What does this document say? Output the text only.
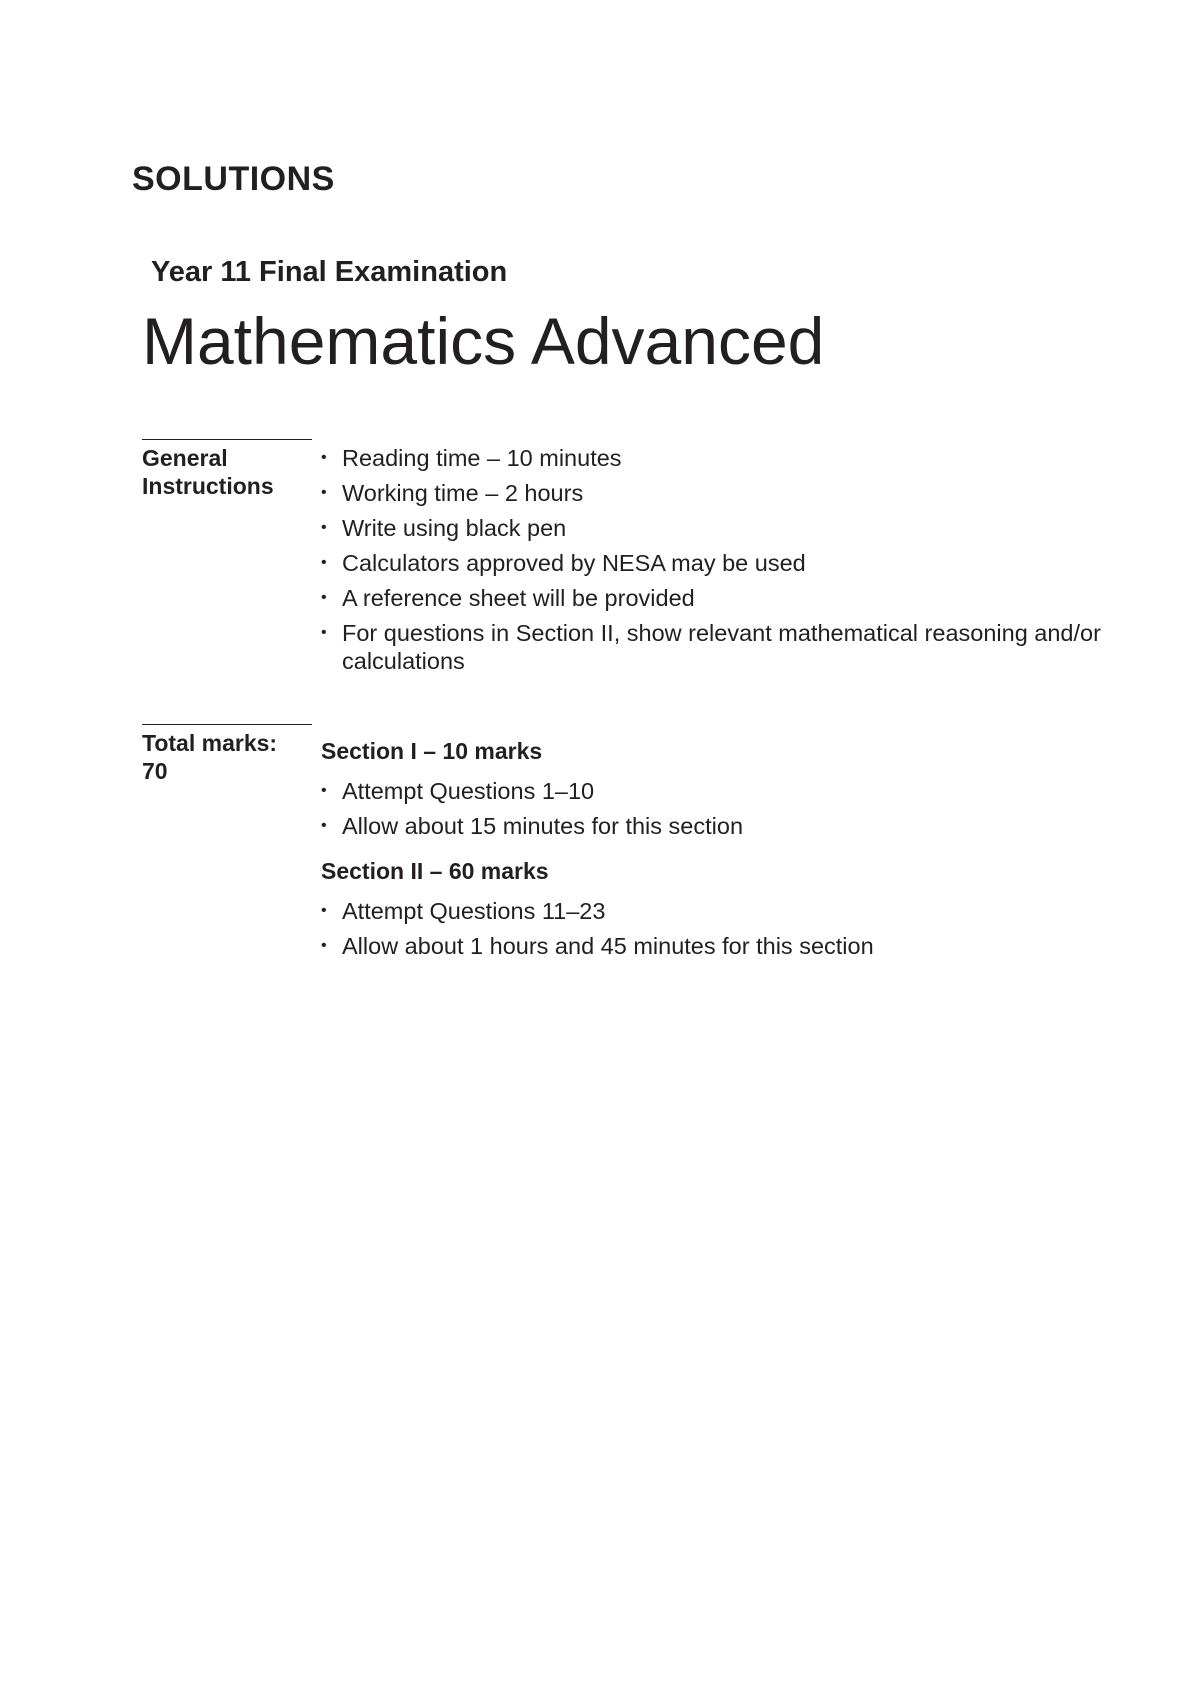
SOLUTIONS
Year 11 Final Examination
Mathematics Advanced
General
Instructions
• Reading time – 10 minutes
• Working time – 2 hours
• Write using black pen
• Calculators approved by NESA may be used
• A reference sheet will be provided
• For questions in Section II, show relevant mathematical reasoning and/or calculations
Total marks:
70

Section I – 10 marks

• Attempt Questions 1–10
• Allow about 15 minutes for this section

Section II – 60 marks

• Attempt Questions 11–23
• Allow about 1 hours and 45 minutes for this section
